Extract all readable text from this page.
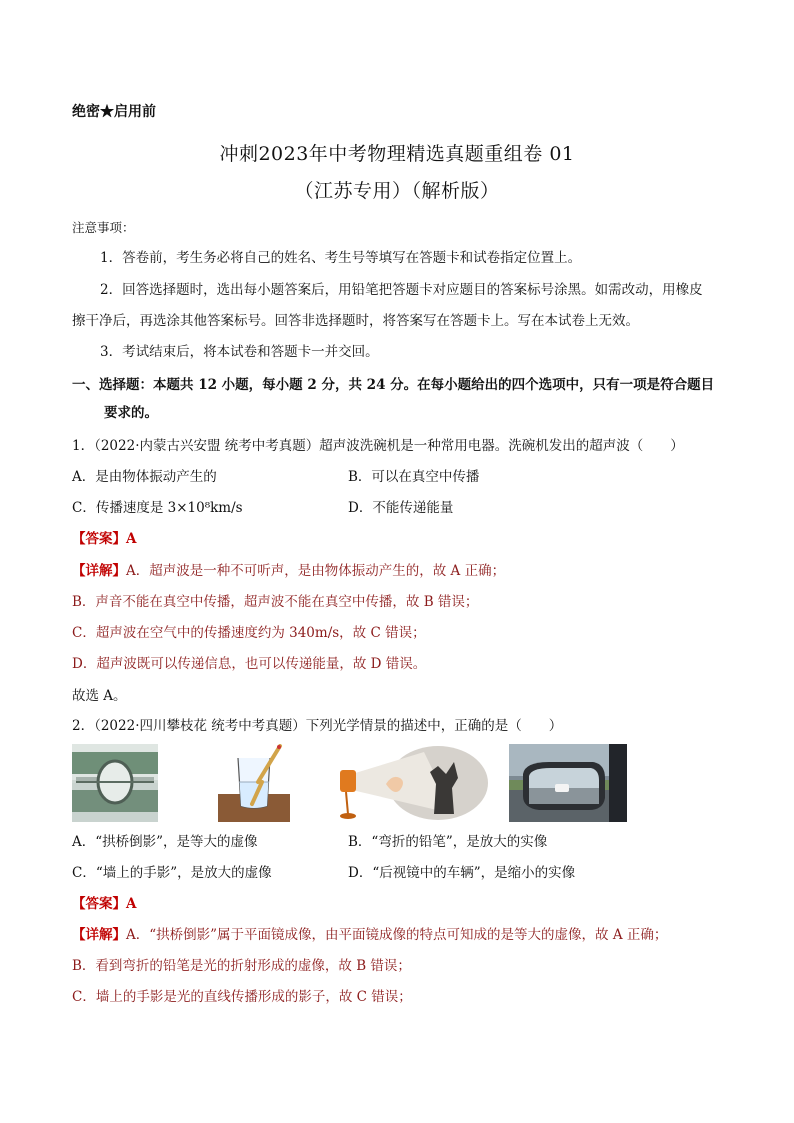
绝密★启用前
冲刺2023年中考物理精选真题重组卷 01
（江苏专用）（解析版）
注意事项：
1．答卷前，考生务必将自己的姓名、考生号等填写在答题卡和试卷指定位置上。
2．回答选择题时，选出每小题答案后，用铅笔把答题卡对应题目的答案标号涂黑。如需改动，用橡皮
擦干净后，再选涂其他答案标号。回答非选择题时，将答案写在答题卡上。写在本试卷上无效。
3．考试结束后，将本试卷和答题卡一并交回。
一、选择题：本题共 12 小题，每小题 2 分，共 24 分。在每小题给出的四个选项中，只有一项是符合题目
要求的。
1．（2022·内蒙古兴安盟 统考中考真题）超声波洗碗机是一种常用电器。洗碗机发出的超声波（　　）
A．是由物体振动产生的	B．可以在真空中传播
C．传播速度是 3×10⁸km/s	D．不能传递能量
【答案】A
【详解】A．超声波是一种不可听声，是由物体振动产生的，故 A 正确；
B．声音不能在真空中传播，超声波不能在真空中传播，故 B 错误；
C．超声波在空气中的传播速度约为 340m/s，故 C 错误；
D．超声波既可以传递信息，也可以传递能量，故 D 错误。
故选 A。
2．（2022·四川攀枝花 统考中考真题）下列光学情景的描述中，正确的是（　　）
A．“拱桥倒影”，是等大的虚像	B．“弯折的铅笔”，是放大的实像
C．“墙上的手影”，是放大的虚像	D．“后视镜中的车辆”，是缩小的实像
【答案】A
【详解】A．“拱桥倒影”属于平面镜成像，由平面镜成像的特点可知成的是等大的虚像，故 A 正确；
B．看到弯折的铅笔是光的折射形成的虚像，故 B 错误；
C．墙上的手影是光的直线传播形成的影子，故 C 错误；
